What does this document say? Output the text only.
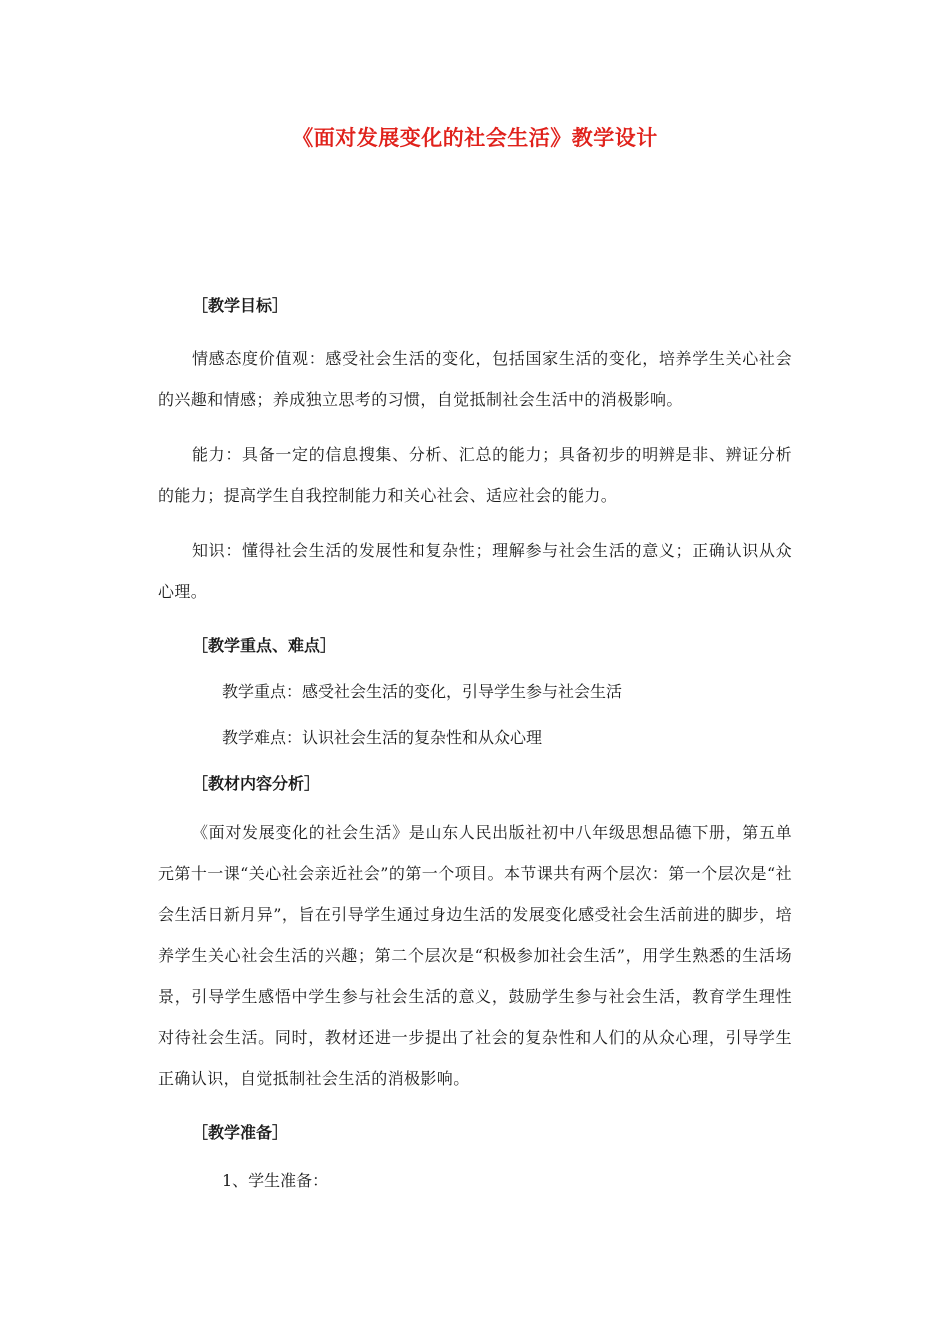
《面对发展变化的社会生活》教学设计
［教学目标］

情感态度价值观：感受社会生活的变化，包括国家生活的变化，培养学生关心社会的兴趣和情感；养成独立思考的习惯，自觉抵制社会生活中的消极影响。

能力：具备一定的信息搜集、分析、汇总的能力；具备初步的明辨是非、辨证分析的能力；提高学生自我控制能力和关心社会、适应社会的能力。

知识：懂得社会生活的发展性和复杂性；理解参与社会生活的意义；正确认识从众心理。

［教学重点、难点］
教学重点：感受社会生活的变化，引导学生参与社会生活
教学难点：认识社会生活的复杂性和从众心理
［教材内容分析］

《面对发展变化的社会生活》是山东人民出版社初中八年级思想品德下册，第五单元第十一课“关心社会亲近社会”的第一个项目。本节课共有两个层次：第一个层次是“社会生活日新月异”，旨在引导学生通过身边生活的发展变化感受社会生活前进的脚步，培养学生关心社会生活的兴趣；第二个层次是“积极参加社会生活”，用学生熟悉的生活场景，引导学生感悟中学生参与社会生活的意义，鼓励学生参与社会生活，教育学生理性对待社会生活。同时，教材还进一步提出了社会的复杂性和人们的从众心理，引导学生正确认识，自觉抵制社会生活的消极影响。

［教学准备］
1、学生准备：
